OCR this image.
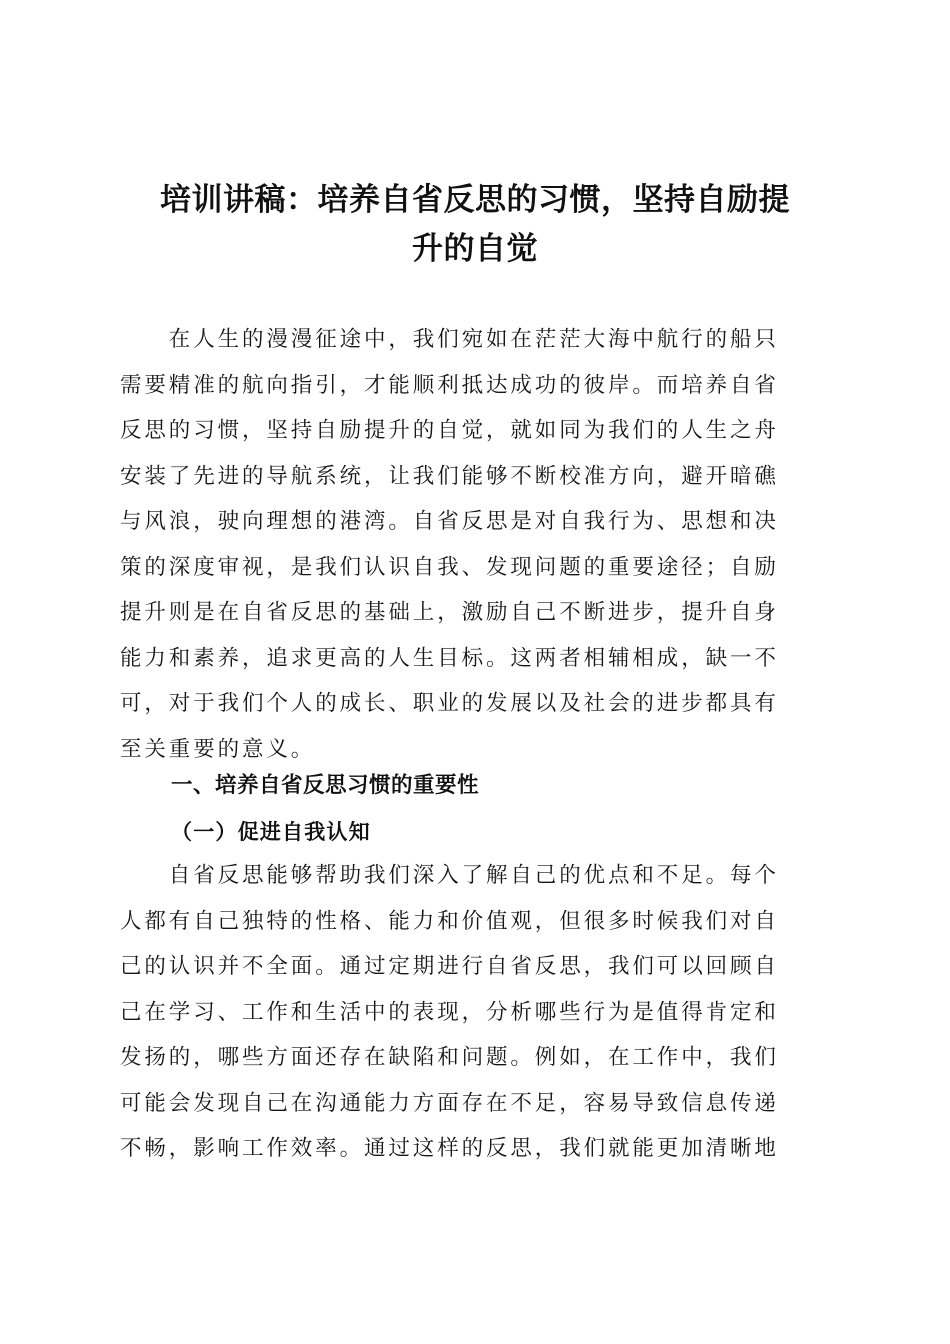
培训讲稿：培养自省反思的习惯，坚持自励提
升的自觉
　　在人生的漫漫征途中，我们宛如在茫茫大海中航行的船只
需要精准的航向指引，才能顺利抵达成功的彼岸。而培养自省
反思的习惯，坚持自励提升的自觉，就如同为我们的人生之舟
安装了先进的导航系统，让我们能够不断校准方向，避开暗礁
与风浪，驶向理想的港湾。自省反思是对自我行为、思想和决
策的深度审视，是我们认识自我、发现问题的重要途径；自励
提升则是在自省反思的基础上，激励自己不断进步，提升自身
能力和素养，追求更高的人生目标。这两者相辅相成，缺一不
可，对于我们个人的成长、职业的发展以及社会的进步都具有
至关重要的意义。
一、培养自省反思习惯的重要性
（一）促进自我认知
　　自省反思能够帮助我们深入了解自己的优点和不足。每个
人都有自己独特的性格、能力和价值观，但很多时候我们对自
己的认识并不全面。通过定期进行自省反思，我们可以回顾自
己在学习、工作和生活中的表现，分析哪些行为是值得肯定和
发扬的，哪些方面还存在缺陷和问题。例如，在工作中，我们
可能会发现自己在沟通能力方面存在不足，容易导致信息传递
不畅，影响工作效率。通过这样的反思，我们就能更加清晰地
